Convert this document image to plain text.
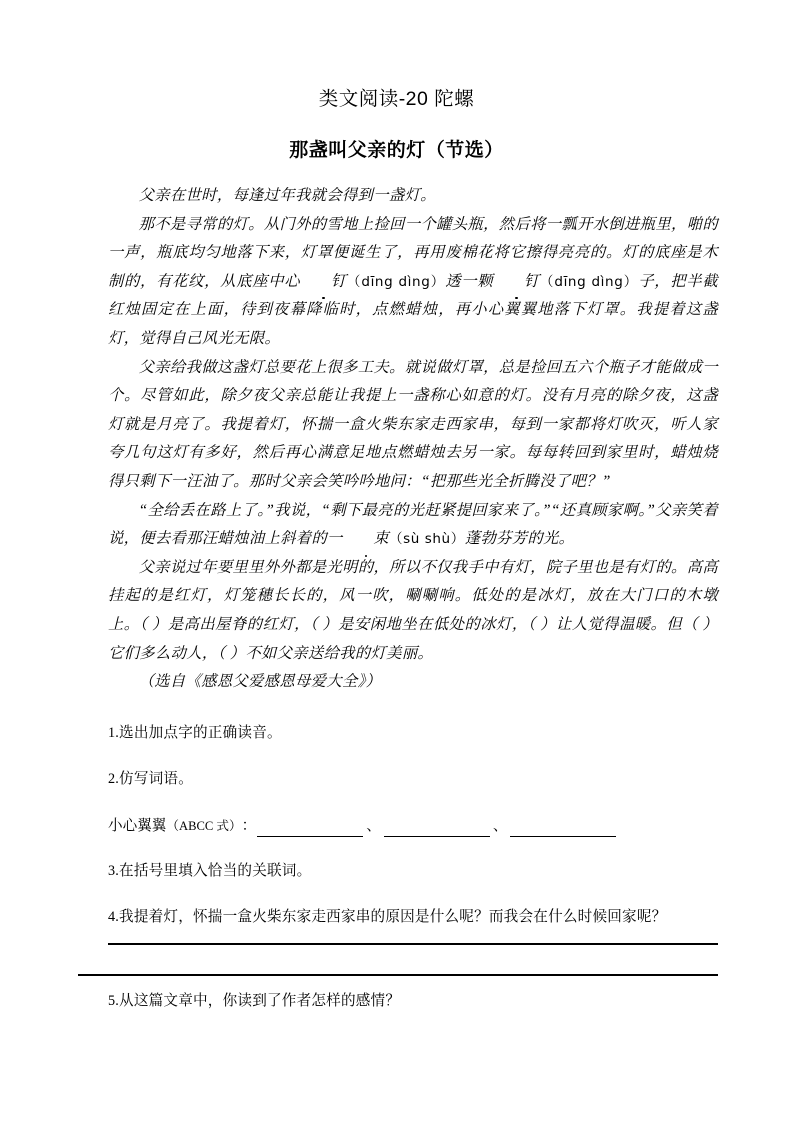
类文阅读-20 陀螺
那盏叫父亲的灯（节选）

父亲在世时，每逢过年我就会得到一盏灯。

那不是寻常的灯。从门外的雪地上捡回一个罐头瓶，然后将一瓢开水倒进瓶里，啪的一声，瓶底均匀地落下来，灯罩便诞生了，再用废棉花将它擦得亮亮的。灯的底座是木制的，有花纹，从底座中心 钉（dīng dìng）透一颗 钉（dīng dìng）子，把半截红烛固定在上面，待到夜幕降临时，点燃蜡烛，再小心翼翼地落下灯罩。我提着这盏灯，觉得自己风光无限。

父亲给我做这盏灯总要花上很多工夫。就说做灯罩，总是捡回五六个瓶子才能做成一个。尽管如此，除夕夜父亲总能让我提上一盏称心如意的灯。没有月亮的除夕夜，这盏灯就是月亮了。我提着灯，怀揣一盒火柴东家走西家串，每到一家都将灯吹灭，听人家夸几句这灯有多好，然后再心满意足地点燃蜡烛去另一家。每每转回到家里时，蜡烛烧得只剩下一汪油了。那时父亲会笑吟吟地问：“把那些光全折腾没了吧？”

“全给丢在路上了。”我说，“剩下最亮的光赶紧提回家来了。”“还真顾家啊。”父亲笑着说，便去看那汪蜡烛油上斜着的一 束（sù shù）蓬勃芬芳的光。

父亲说过年要里里外外都是光明的，所以不仅我手中有灯，院子里也是有灯的。高高挂起的是红灯，灯笼穗长长的，风一吹，唰唰响。低处的是冰灯，放在大门口的木墩上。（ ）是高出屋脊的红灯，（ ）是安闲地坐在低处的冰灯，（ ）让人觉得温暖。但（ ）它们多么动人，（ ）不如父亲送给我的灯美丽。

（选自《感恩父爱感恩母爱大全》）

1.选出加点字的正确读音。
2.仿写词语。
小心翼翼 （ABCC 式） ：	、	、
3.在括号里填入恰当的关联词。
4.我提着灯，怀揣一盒火柴东家走西家串的原因是什么呢？而我会在什么时候回家呢？
5.从这篇文章中，你读到了作者怎样的感情？
